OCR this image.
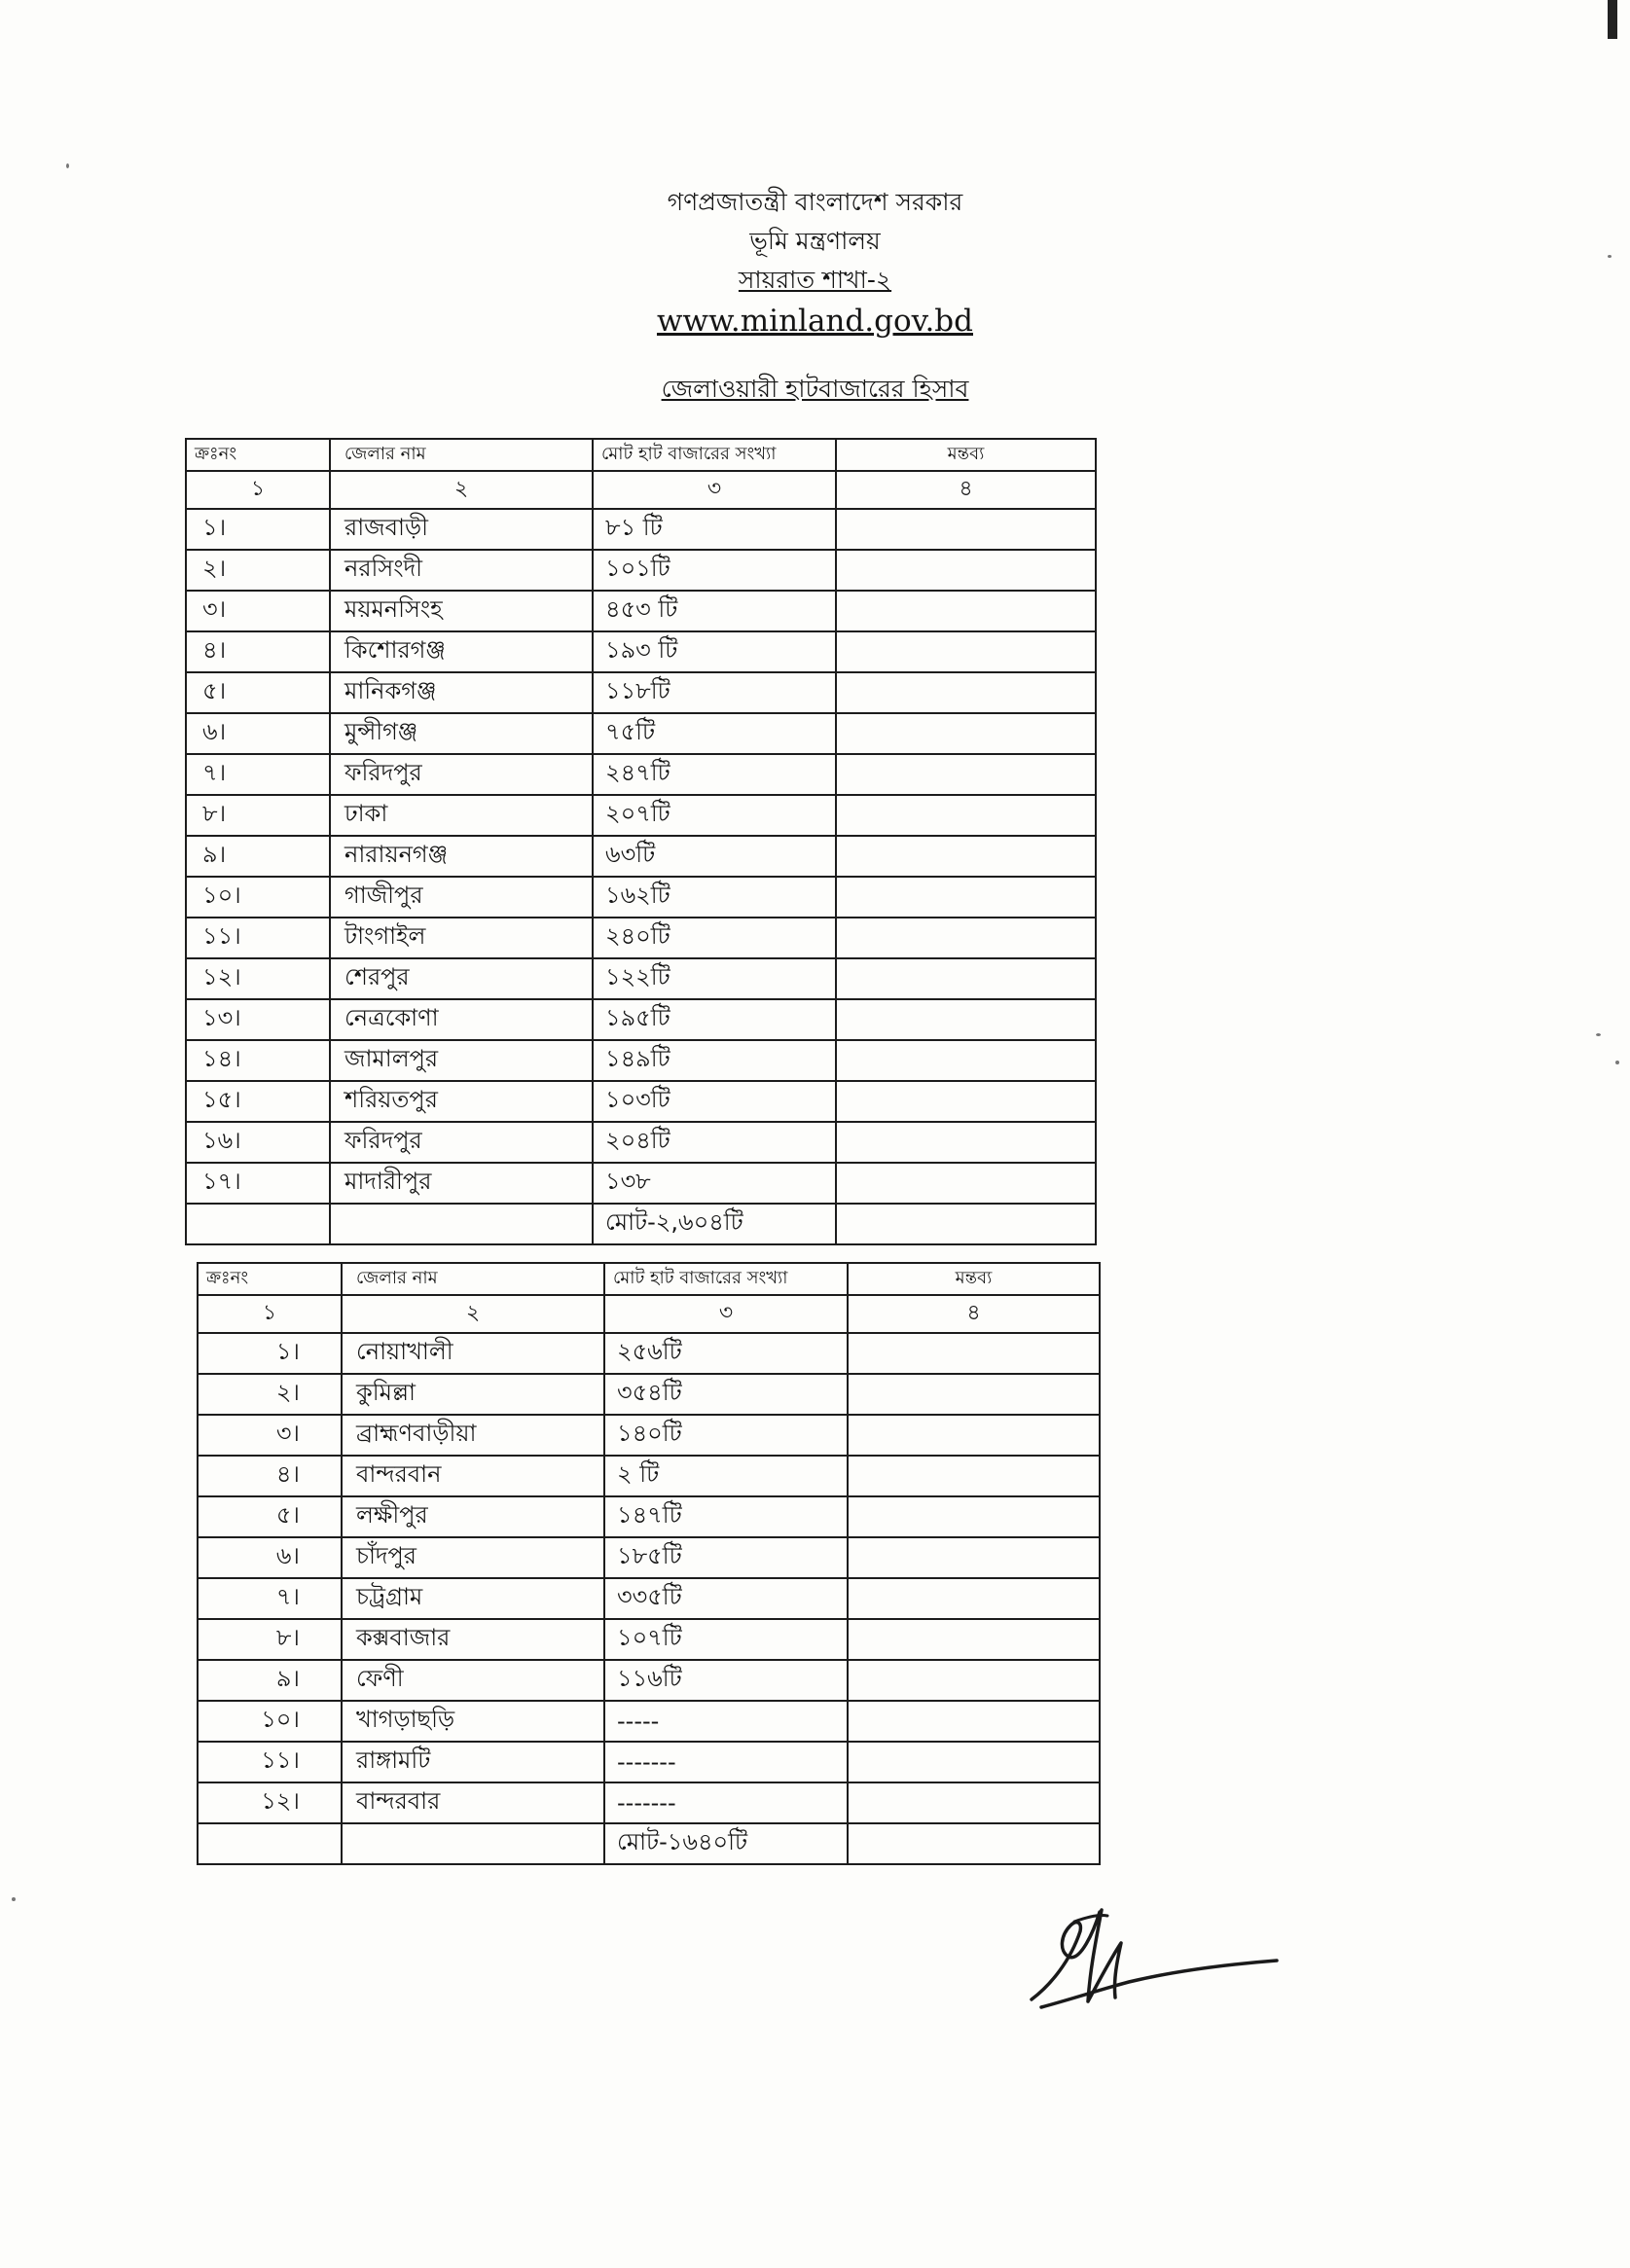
গণপ্রজাতন্ত্রী বাংলাদেশ সরকার
ভূমি মন্ত্রণালয়
সায়রাত শাখা-২
www.minland.gov.bd
জেলাওয়ারী হাটবাজারের হিসাব
ক্রঃনং	জেলার নাম	মোট হাট বাজারের সংখ্যা	মন্তব্য
১	২	৩	৪
১।	রাজবাড়ী	৮১ টি	
২।	নরসিংদী	১০১টি	
৩।	ময়মনসিংহ	৪৫৩ টি	
৪।	কিশোরগঞ্জ	১৯৩ টি	
৫।	মানিকগঞ্জ	১১৮টি	
৬।	মুন্সীগঞ্জ	৭৫টি	
৭।	ফরিদপুর	২৪৭টি	
৮।	ঢাকা	২০৭টি	
৯।	নারায়নগঞ্জ	৬৩টি	
১০।	গাজীপুর	১৬২টি	
১১।	টাংগাইল	২৪০টি	
১২।	শেরপুর	১২২টি	
১৩।	নেত্রকোণা	১৯৫টি	
১৪।	জামালপুর	১৪৯টি	
১৫।	শরিয়তপুর	১০৩টি	
১৬।	ফরিদপুর	২০৪টি	
১৭।	মাদারীপুর	১৩৮	
		মোট-২,৬০৪টি	
ক্রঃনং	জেলার নাম	মোট হাট বাজারের সংখ্যা	মন্তব্য
১	২	৩	৪
১।	নোয়াখালী	২৫৬টি	
২।	কুমিল্লা	৩৫৪টি	
৩।	ব্রাহ্মণবাড়ীয়া	১৪০টি	
৪।	বান্দরবান	২ টি	
৫।	লক্ষীপুর	১৪৭টি	
৬।	চাঁদপুর	১৮৫টি	
৭।	চট্রগ্রাম	৩৩৫টি	
৮।	কক্সবাজার	১০৭টি	
৯।	ফেণী	১১৬টি	
১০।	খাগড়াছড়ি	-----	
১১।	রাঙ্গামটি	-------	
১২।	বান্দরবার	-------	
		মোট-১৬৪০টি	
